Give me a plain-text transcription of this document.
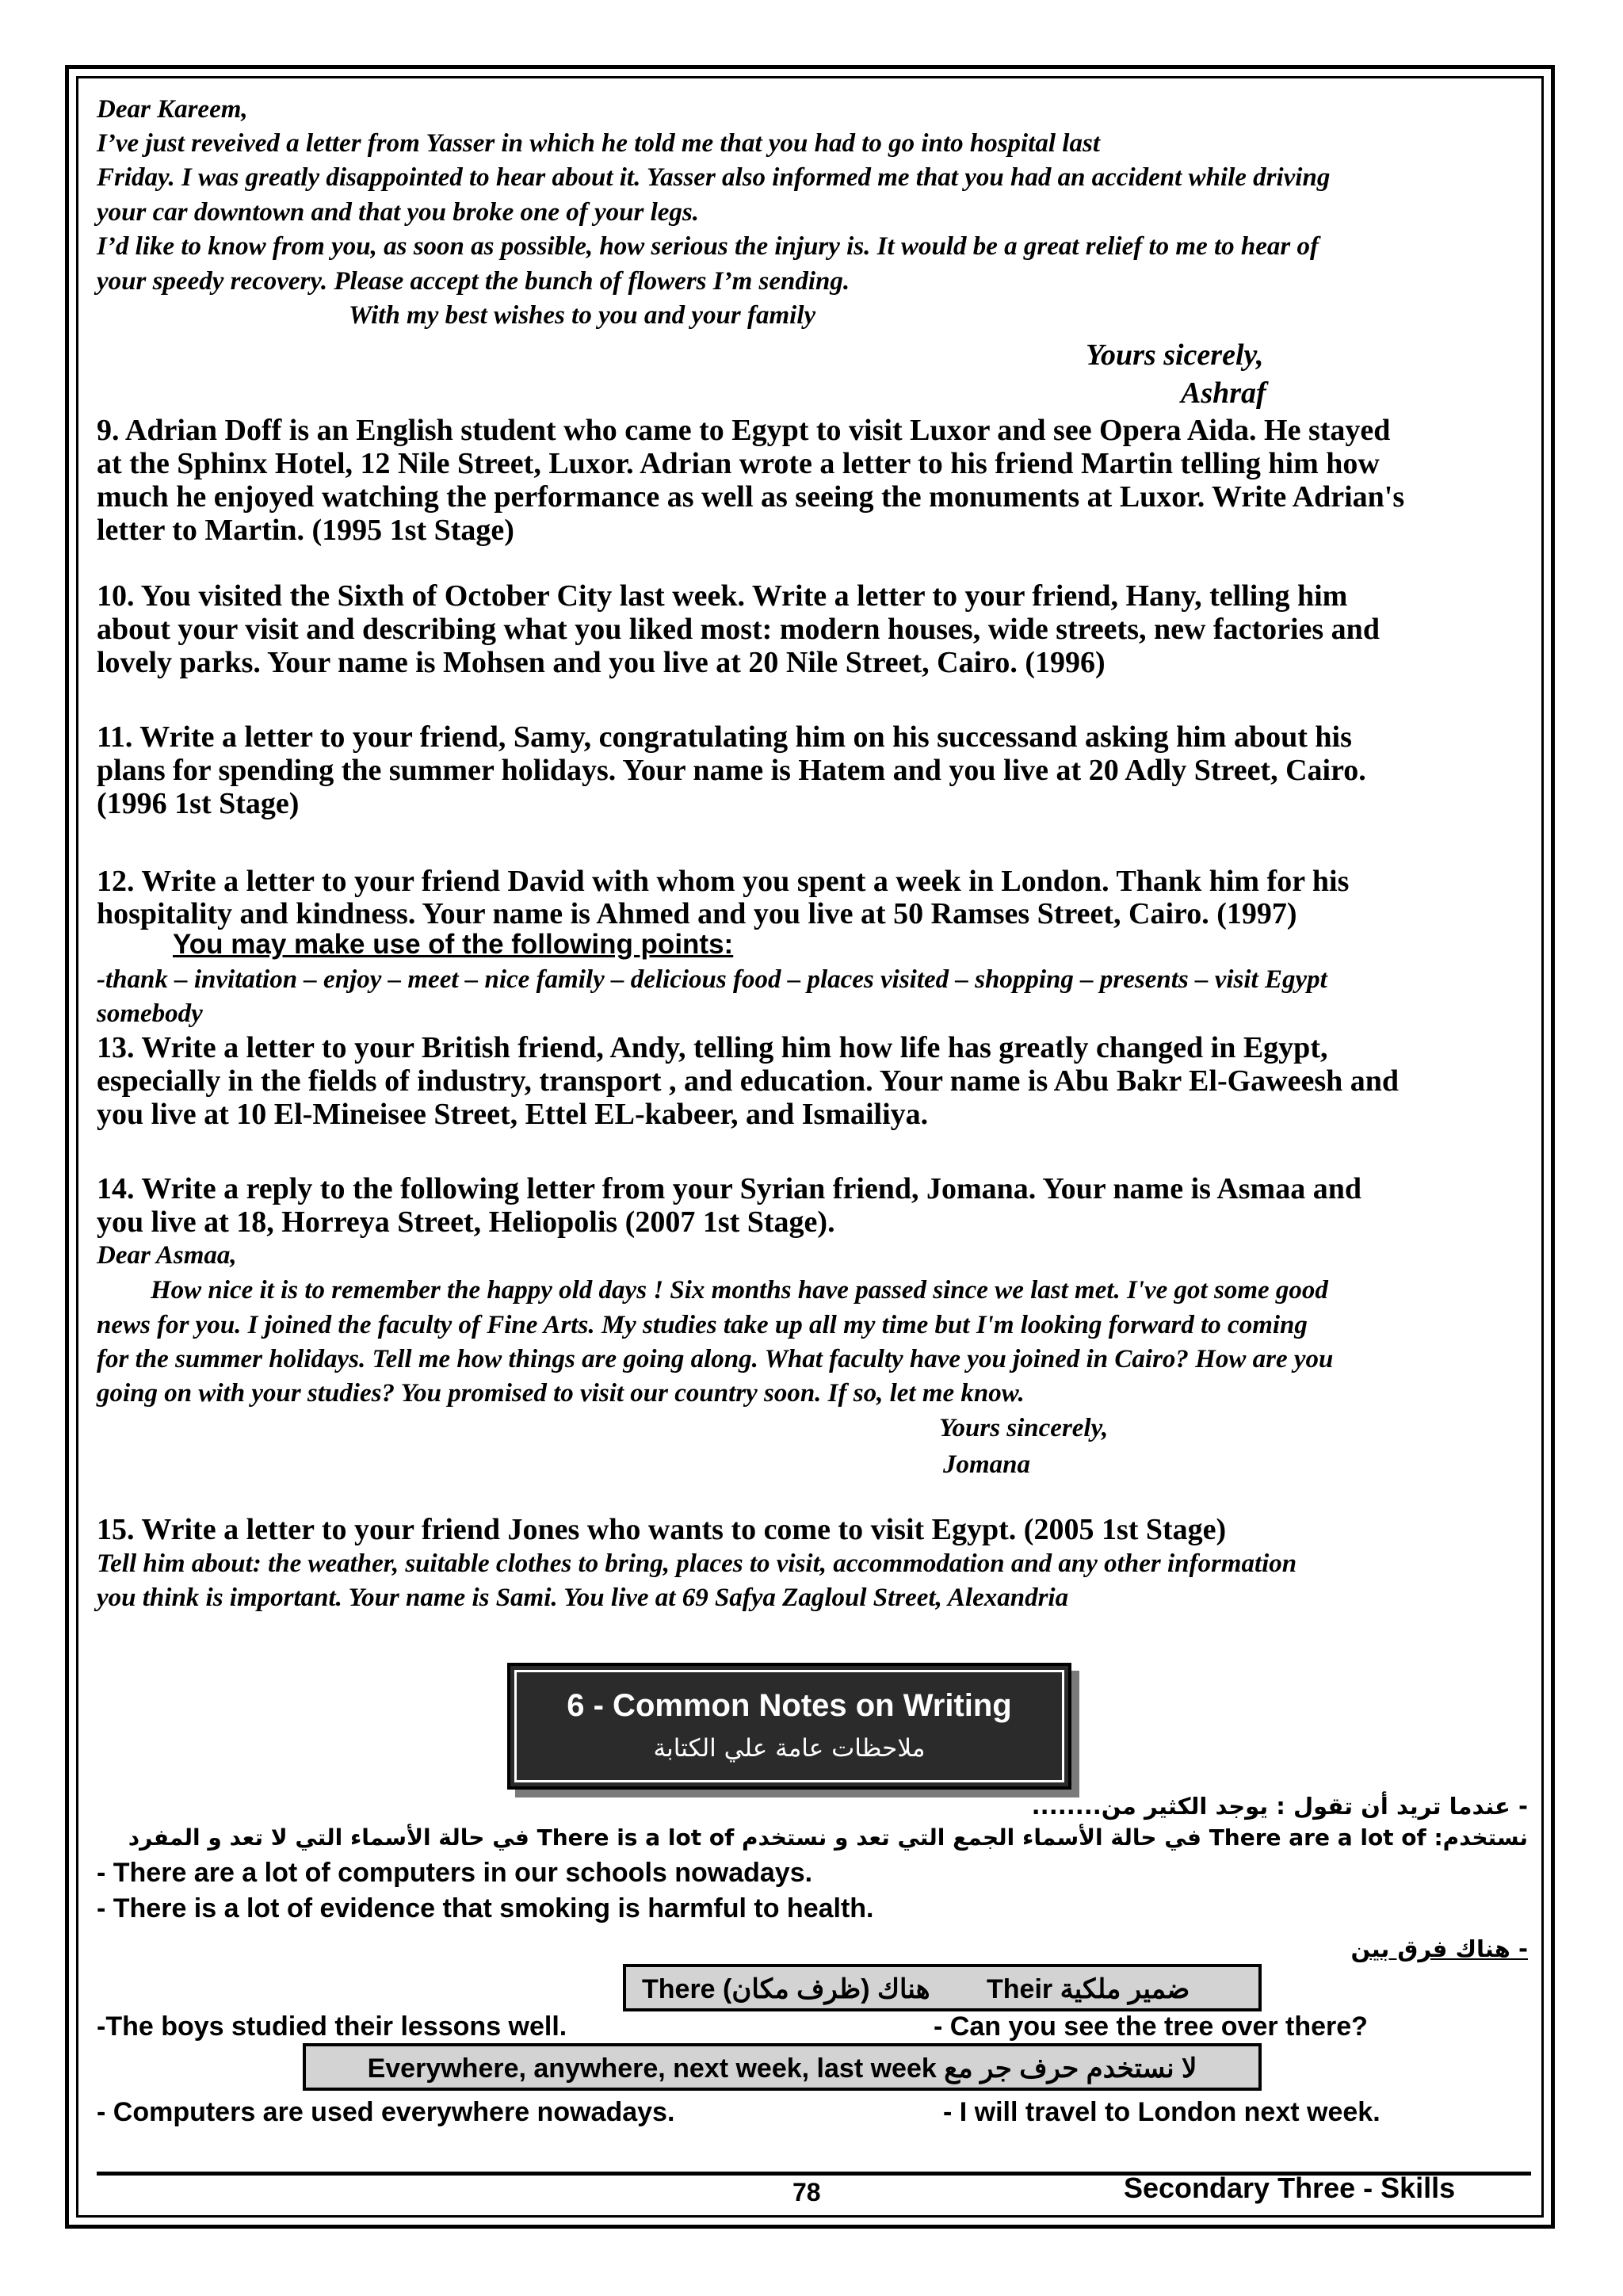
Dear Kareem,
I’ve just reveived a letter from Yasser in which he told me that you had to go into hospital last
Friday. I was greatly disappointed to hear about it. Yasser also informed me that you had an accident while driving
your car downtown and that you broke one of your legs.
I’d like to know from you, as soon as possible, how serious the injury is. It would be a great relief to me to hear of
your speedy recovery. Please accept the bunch of flowers I’m sending.
With my best wishes to you and your family
Yours sicerely,
Ashraf
9. Adrian Doff is an English student who came to Egypt to visit Luxor and see Opera Aida. He stayed
at the Sphinx Hotel, 12 Nile Street, Luxor. Adrian wrote a letter to his friend Martin telling him how
much he enjoyed watching the performance as well as seeing the monuments at Luxor. Write Adrian's
letter to Martin. (1995 1st Stage)
10. You visited the Sixth of October City last week. Write a letter to your friend, Hany, telling him
about your visit and describing what you liked most: modern houses, wide streets, new factories and
lovely parks. Your name is Mohsen and you live at 20 Nile Street, Cairo. (1996)
11. Write a letter to your friend, Samy, congratulating him on his successand asking him about his
plans for spending the summer holidays. Your name is Hatem and you live at 20 Adly Street, Cairo.
(1996 1st Stage)
12. Write a letter to your friend David with whom you spent a week in London. Thank him for his
hospitality and kindness. Your name is Ahmed and you live at 50 Ramses Street, Cairo. (1997)
You may make use of the following points:
-thank – invitation – enjoy – meet – nice family – delicious food – places visited – shopping – presents – visit Egypt
somebody
13. Write a letter to your British friend, Andy, telling him how life has greatly changed in Egypt,
especially in the fields of industry, transport , and education. Your name is Abu Bakr El-Gaweesh and
you live at 10 El-Mineisee Street, Ettel EL-kabeer, and Ismailiya.
14. Write a reply to the following letter from your Syrian friend, Jomana. Your name is Asmaa and
you live at 18, Horreya Street, Heliopolis (2007 1st Stage).
Dear Asmaa,
How nice it is to remember the happy old days ! Six months have passed since we last met. I've got some good
news for you. I joined the faculty of Fine Arts. My studies take up all my time but I'm looking forward to coming
for the summer holidays. Tell me how things are going along. What faculty have you joined in Cairo? How are you
going on with your studies? You promised to visit our country soon. If so, let me know.
Yours sincerely,
Jomana
15. Write a letter to your friend Jones who wants to come to visit Egypt. (2005 1st Stage)
Tell him about: the weather, suitable clothes to bring, places to visit, accommodation and any other information
you think is important. Your name is Sami. You live at 69 Safya Zagloul Street, Alexandria
6 - Common Notes on Writing
ملاحظات عامة علي الكتابة
- عندما تريد أن تقول : يوجد الكثير من........
نستخدم: There are a lot of في حالة الأسماء الجمع التي تعد و نستخدم There is a lot of في حالة الأسماء التي لا تعد و المفرد
- There are a lot of computers in our schools nowadays.
- There is a lot of evidence that smoking is harmful to health.
- هناك فرق بين
There (هناك (ظرف مكان Their ضمير ملكية
-The boys studied their lessons well.	- Can you see the tree over there?
Everywhere, anywhere, next week, last week لا نستخدم حرف جر مع
- Computers are used everywhere nowadays.	- I will travel to London next week.
78	Secondary Three - Skills
